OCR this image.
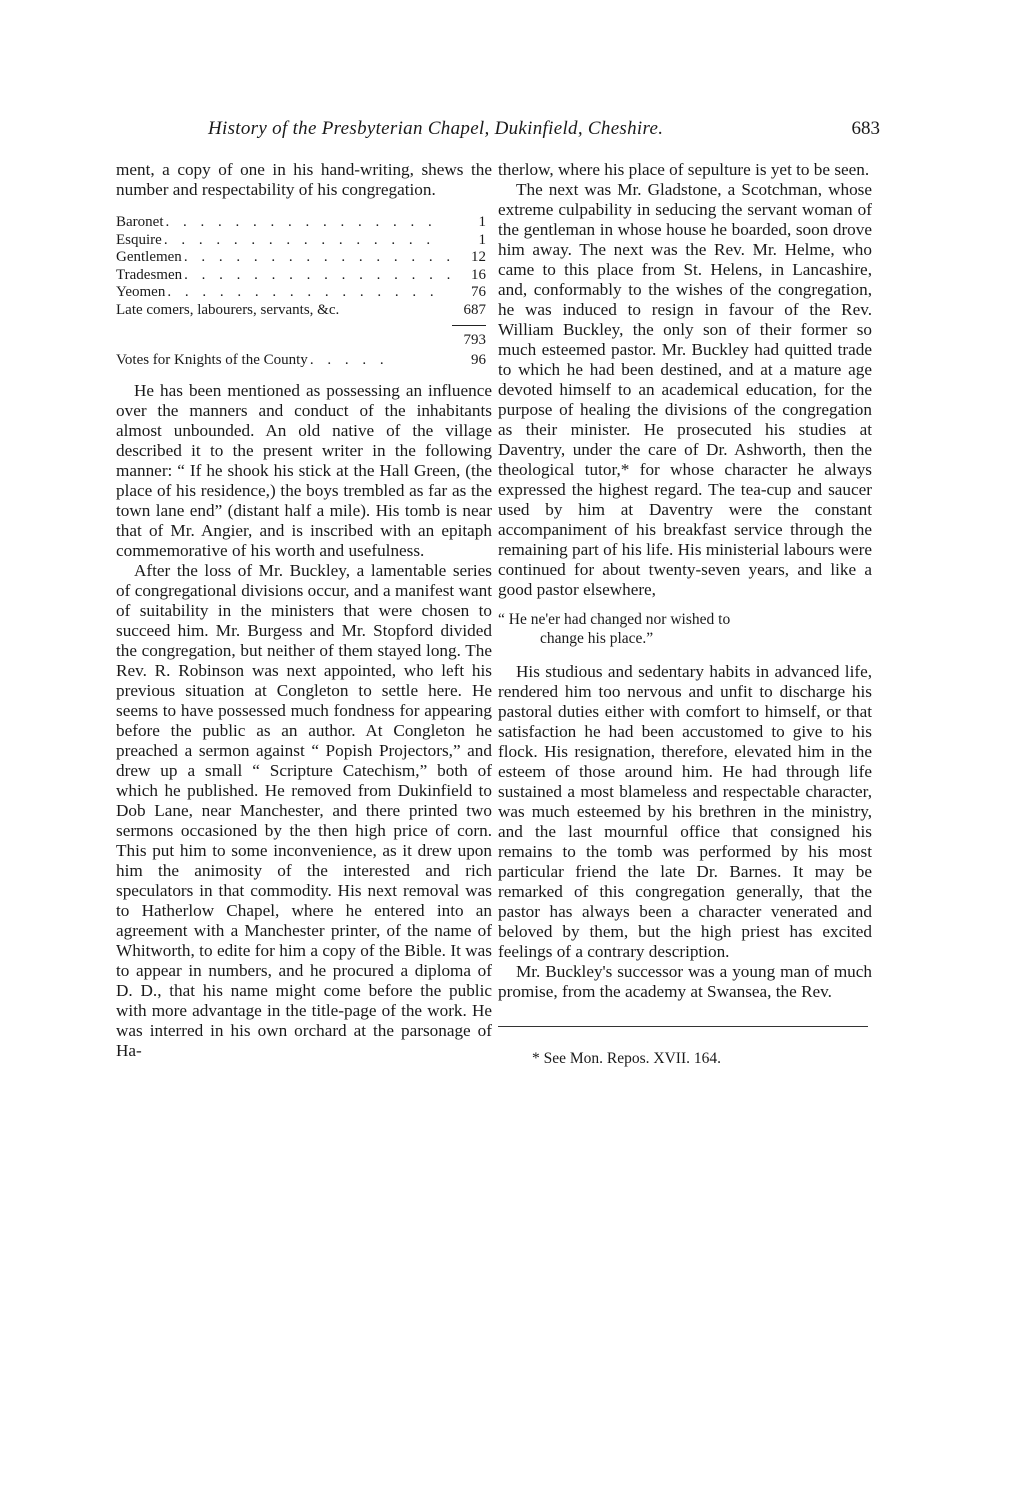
History of the Presbyterian Chapel, Dukinfield, Cheshire.	683

ment, a copy of one in his hand-writing, shews the number and respectability of his congregation.

Baronet . . . . . . . . . . . . . . . .	1
Esquire . . . . . . . . . . . . . . . .	1
Gentlemen . . . . . . . . . . . . . . . .	12
Tradesmen . . . . . . . . . . . . . . . .	16
Yeomen . . . . . . . . . . . . . . . .	76
Late comers, labourers, servants, &c.	687
793
Votes for Knights of the County . . . . .	96

He has been mentioned as possessing an influence over the manners and conduct of the inhabitants almost unbounded. An old native of the village described it to the present writer in the following manner: “ If he shook his stick at the Hall Green, (the place of his residence,) the boys trembled as far as the town lane end” (distant half a mile). His tomb is near that of Mr. Angier, and is inscribed with an epitaph commemorative of his worth and usefulness.

After the loss of Mr. Buckley, a lamentable series of congregational divisions occur, and a manifest want of suitability in the ministers that were chosen to succeed him. Mr. Burgess and Mr. Stopford divided the congregation, but neither of them stayed long. The Rev. R. Robinson was next appointed, who left his previous situation at Congleton to settle here. He seems to have possessed much fondness for appearing before the public as an author. At Congleton he preached a sermon against “ Popish Projectors,” and drew up a small “ Scripture Catechism,” both of which he published. He removed from Dukinfield to Dob Lane, near Manchester, and there printed two sermons occasioned by the then high price of corn. This put him to some inconvenience, as it drew upon him the animosity of the interested and rich speculators in that commodity. His next removal was to Hatherlow Chapel, where he entered into an agreement with a Manchester printer, of the name of Whitworth, to edite for him a copy of the Bible. It was to appear in numbers, and he procured a diploma of D. D., that his name might come before the public with more advantage in the title-page of the work. He was interred in his own orchard at the parsonage of Ha-

therlow, where his place of sepulture is yet to be seen.

The next was Mr. Gladstone, a Scotchman, whose extreme culpability in seducing the servant woman of the gentleman in whose house he boarded, soon drove him away. The next was the Rev. Mr. Helme, who came to this place from St. Helens, in Lancashire, and, conformably to the wishes of the congregation, he was induced to resign in favour of the Rev. William Buckley, the only son of their former so much esteemed pastor. Mr. Buckley had quitted trade to which he had been destined, and at a mature age devoted himself to an academical education, for the purpose of healing the divisions of the congregation as their minister. He prosecuted his studies at Daventry, under the care of Dr. Ashworth, then the theological tutor,* for whose character he always expressed the highest regard. The tea-cup and saucer used by him at Daventry were the constant accompaniment of his breakfast service through the remaining part of his life. His ministerial labours were continued for about twenty-seven years, and like a good pastor elsewhere,

“ He ne'er had changed nor wished to
change his place.”

His studious and sedentary habits in advanced life, rendered him too nervous and unfit to discharge his pastoral duties either with comfort to himself, or that satisfaction he had been accustomed to give to his flock. His resignation, therefore, elevated him in the esteem of those around him. He had through life sustained a most blameless and respectable character, was much esteemed by his brethren in the ministry, and the last mournful office that consigned his remains to the tomb was performed by his most particular friend the late Dr. Barnes. It may be remarked of this congregation generally, that the pastor has always been a character venerated and beloved by them, but the high priest has excited feelings of a contrary description.

Mr. Buckley's successor was a young man of much promise, from the academy at Swansea, the Rev.

* See Mon. Repos. XVII. 164.
